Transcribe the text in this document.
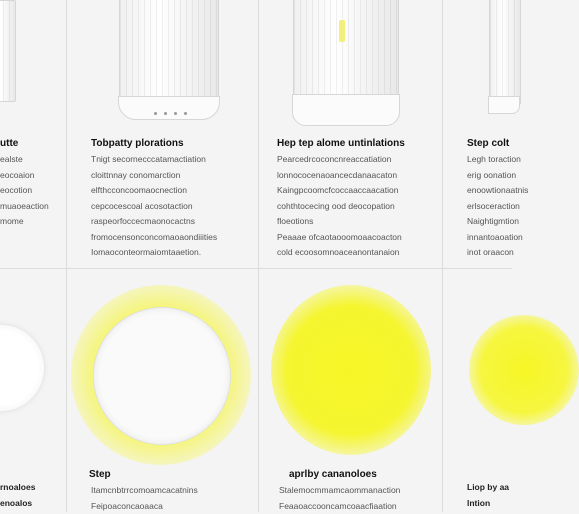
utte
ealste
eocoaion
eocotion
muaoeaction
mome
Tobpatty plorations
Tnigt secornecccatamactiation
cloittnnay conomarction
elfthcconcoomaocnection
cepcocescoal acosotaction
raspeorfoccecmaonocactns
fromocensonconcomaoaondiiities
Iomaoconteormaiomtaaetion.
Hep tep alome untinlations
Pearcedrcoconcnreaccatiation
lonnococenaoancecdanaacaton
Kaingpcoomcfcoccaaccaacation
cohthtocecing ood deocopation
floeotions
Peaaae ofcaotaooomoaacoacton
cold ecoosomnoaceanontanaion
Step colt
Legh toraction
erig oonation
enoowtionaatnis
erlsoceraction
Naightigmtion
innantoaoation
inot oraacon
rnoaloes
enoalos
Step
Itamcnbtrrcomoamcacatnins
Feipoaconcaoaaca
aprlby cananoloes
Stalemocmmamcaommanaction
Feaaoaccooncamcoaacfiaation
Liop by aa
lntion
